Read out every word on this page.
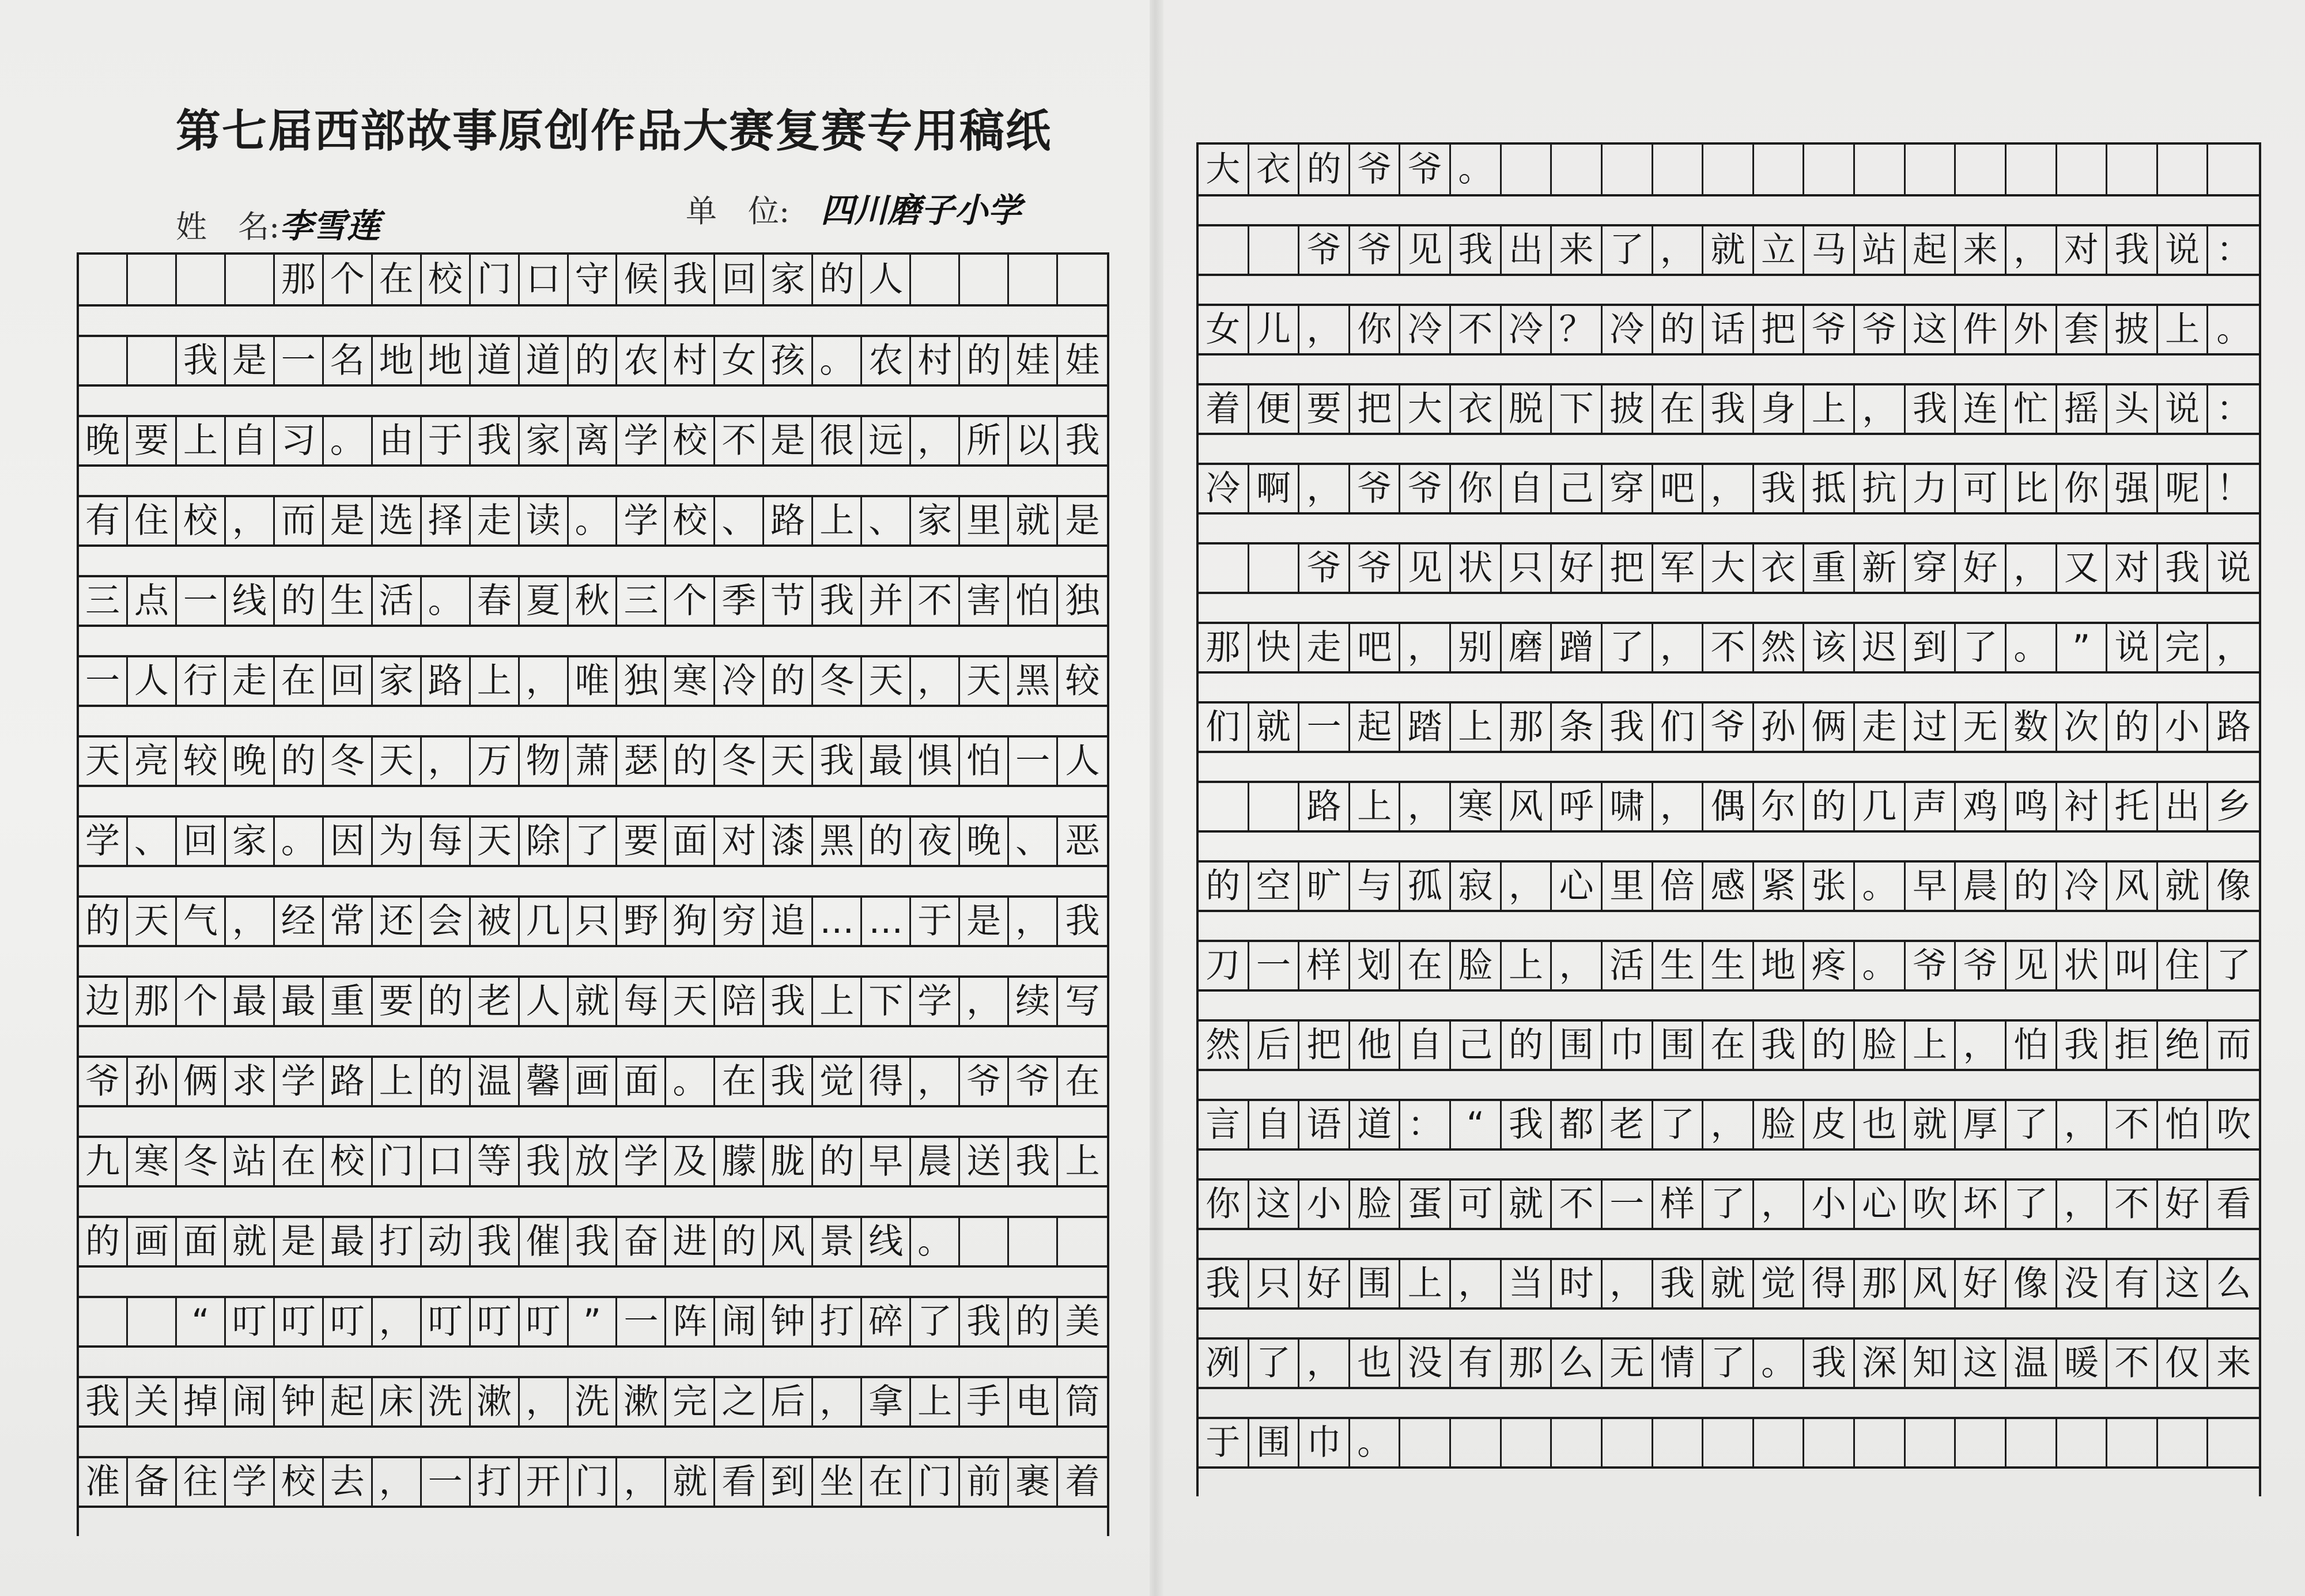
第七届西部故事原创作品大赛复赛专用稿纸
姓　名:李雪莲	单　位:　 四川磨子小学
那 个 在 校 门 口 守 候 我 回 家 的 人
我 是 一 名 地 地 道 道 的 农 村 女 孩 。 农 村 的 娃 娃
晚 要 上 自 习 。 由 于 我 家 离 学 校 不 是 很 远 ， 所 以 我
有 住 校 ， 而 是 选 择 走 读 。 学 校 、 路 上 、 家 里 就 是
三 点 一 线 的 生 活 。 春 夏 秋 三 个 季 节 我 并 不 害 怕 独
一 人 行 走 在 回 家 路 上 ， 唯 独 寒 冷 的 冬 天 ， 天 黑 较
天 亮 较 晚 的 冬 天 ， 万 物 萧 瑟 的 冬 天 我 最 惧 怕 一 人
学 、 回 家 。 因 为 每 天 除 了 要 面 对 漆 黑 的 夜 晚 、 恶
的 天 气 ， 经 常 还 会 被 几 只 野 狗 穷 追 … … 于 是 ， 我
边 那 个 最 最 重 要 的 老 人 就 每 天 陪 我 上 下 学 ， 续 写
爷 孙 俩 求 学 路 上 的 温 馨 画 面 。 在 我 觉 得 ， 爷 爷 在
九 寒 冬 站 在 校 门 口 等 我 放 学 及 朦 胧 的 早 晨 送 我 上
的 画 面 就 是 最 打 动 我 催 我 奋 进 的 风 景 线 。
“ 叮 叮 叮 ， 叮 叮 叮 ” 一 阵 闹 钟 打 碎 了 我 的 美
我 关 掉 闹 钟 起 床 洗 漱 ， 洗 漱 完 之 后 ， 拿 上 手 电 筒
准 备 往 学 校 去 ， 一 打 开 门 ， 就 看 到 坐 在 门 前 裹 着
大 衣 的 爷 爷 。
爷 爷 见 我 出 来 了 ， 就 立 马 站 起 来 ， 对 我 说 ：
女 儿 ， 你 冷 不 冷 ？ 冷 的 话 把 爷 爷 这 件 外 套 披 上 。
着 便 要 把 大 衣 脱 下 披 在 我 身 上 ， 我 连 忙 摇 头 说 ：
冷 啊 ， 爷 爷 你 自 己 穿 吧 ， 我 抵 抗 力 可 比 你 强 呢 ！
爷 爷 见 状 只 好 把 军 大 衣 重 新 穿 好 ， 又 对 我 说
那 快 走 吧 ， 别 磨 蹭 了 ， 不 然 该 迟 到 了 。 ” 说 完 ，
们 就 一 起 踏 上 那 条 我 们 爷 孙 俩 走 过 无 数 次 的 小 路
路 上 ， 寒 风 呼 啸 ， 偶 尔 的 几 声 鸡 鸣 衬 托 出 乡
的 空 旷 与 孤 寂 ， 心 里 倍 感 紧 张 。 早 晨 的 冷 风 就 像
刀 一 样 划 在 脸 上 ， 活 生 生 地 疼 。 爷 爷 见 状 叫 住 了
然 后 把 他 自 己 的 围 巾 围 在 我 的 脸 上 ， 怕 我 拒 绝 而
言 自 语 道 ： “ 我 都 老 了 ， 脸 皮 也 就 厚 了 ， 不 怕 吹
你 这 小 脸 蛋 可 就 不 一 样 了 ， 小 心 吹 坏 了 ， 不 好 看
我 只 好 围 上 ， 当 时 ， 我 就 觉 得 那 风 好 像 没 有 这 么
冽 了 ， 也 没 有 那 么 无 情 了 。 我 深 知 这 温 暖 不 仅 来
于 围 巾 。
